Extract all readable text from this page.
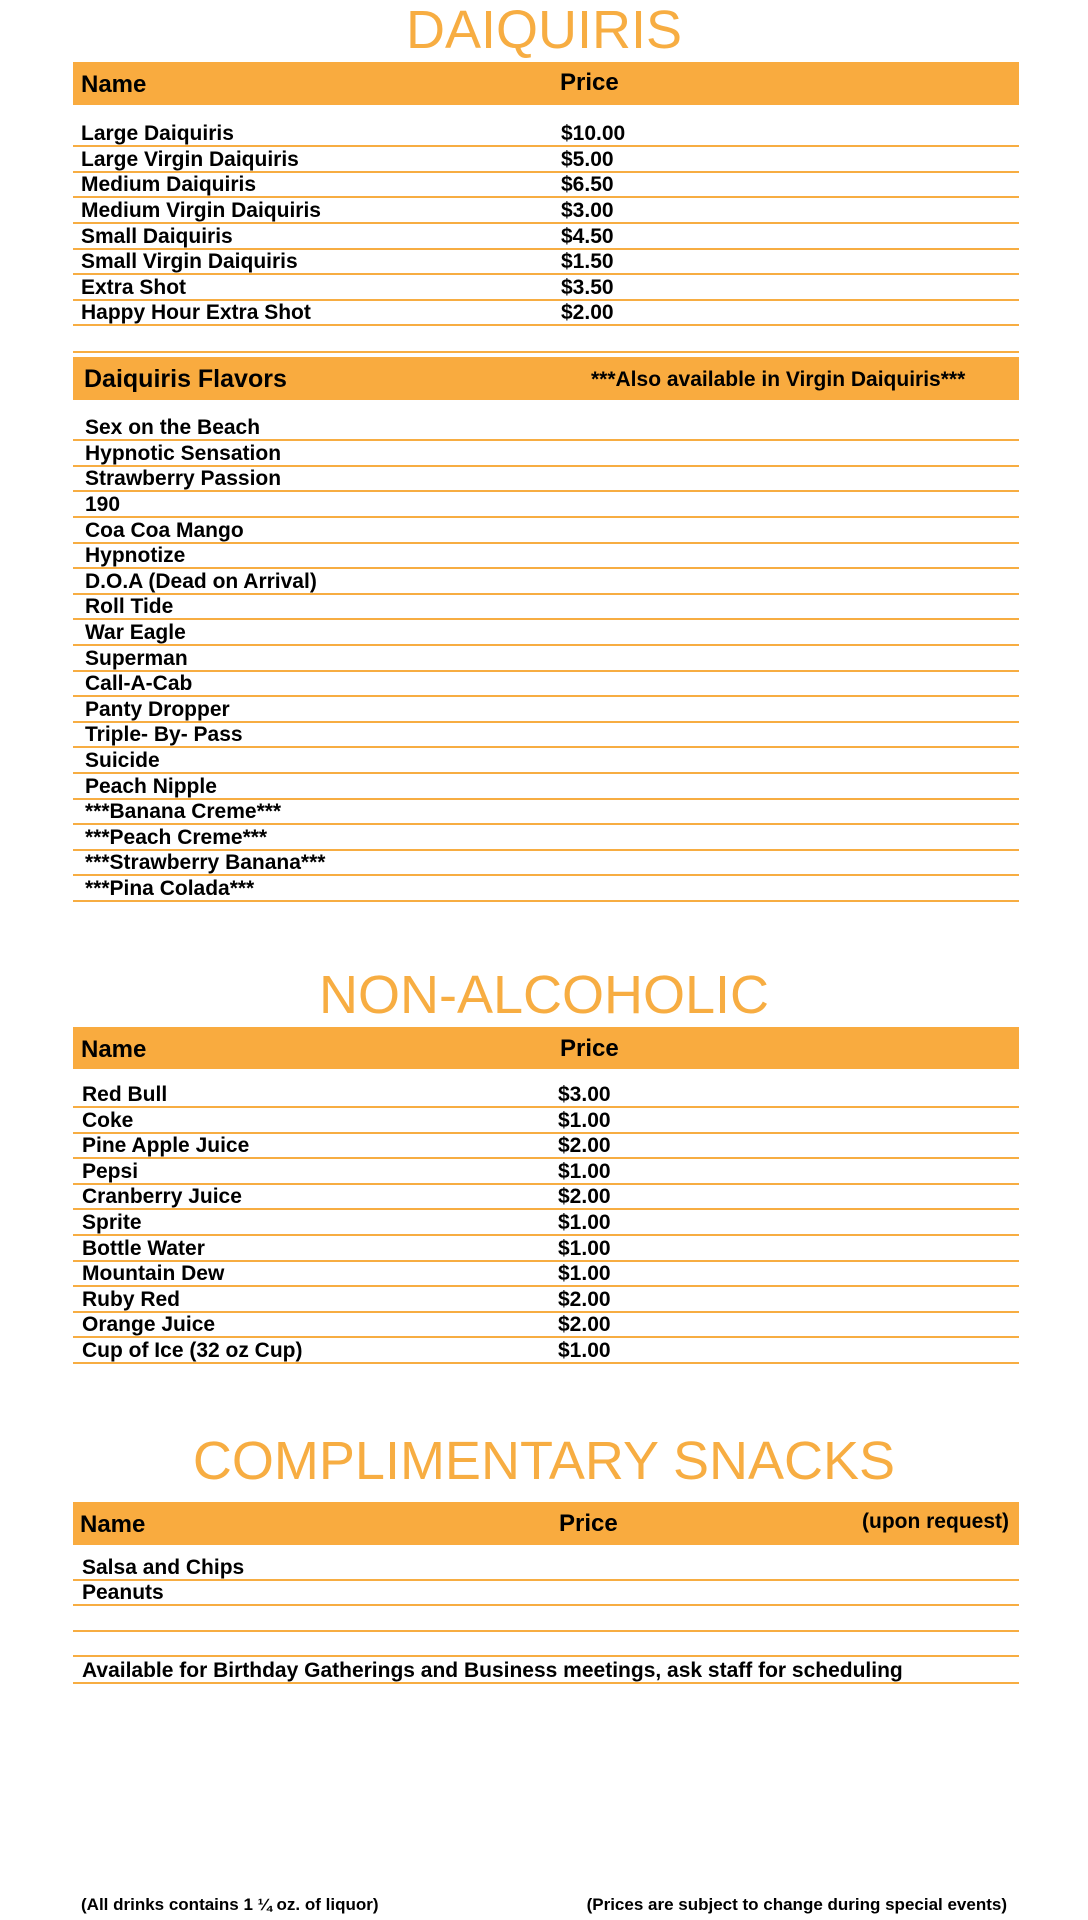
DAIQUIRIS
Name	Price
Large Daiquiris	$10.00
Large Virgin Daiquiris	$5.00
Medium Daiquiris	$6.50
Medium Virgin Daiquiris	$3.00
Small Daiquiris	$4.50
Small Virgin Daiquiris	$1.50
Extra Shot	$3.50
Happy Hour Extra Shot	$2.00
Daiquiris Flavors	***Also available in Virgin Daiquiris***
Sex on the Beach
Hypnotic Sensation
Strawberry Passion
190
Coa Coa Mango
Hypnotize
D.O.A (Dead on Arrival)
Roll Tide
War Eagle
Superman
Call-A-Cab
Panty Dropper
Triple- By- Pass
Suicide
Peach Nipple
***Banana Creme***
***Peach Creme***
***Strawberry Banana***
***Pina Colada***
NON-ALCOHOLIC
Name	Price
Red Bull	$3.00
Coke	$1.00
Pine Apple Juice	$2.00
Pepsi	$1.00
Cranberry Juice	$2.00
Sprite	$1.00
Bottle Water	$1.00
Mountain Dew	$1.00
Ruby Red	$2.00
Orange Juice	$2.00
Cup of Ice (32 oz Cup)	$1.00
COMPLIMENTARY SNACKS
Name	Price	(upon request)
Salsa and Chips
Peanuts
Available for Birthday Gatherings and Business meetings, ask staff for scheduling
(All drinks contains 1 ¼ oz. of liquor)	(Prices are subject to change during special events)
